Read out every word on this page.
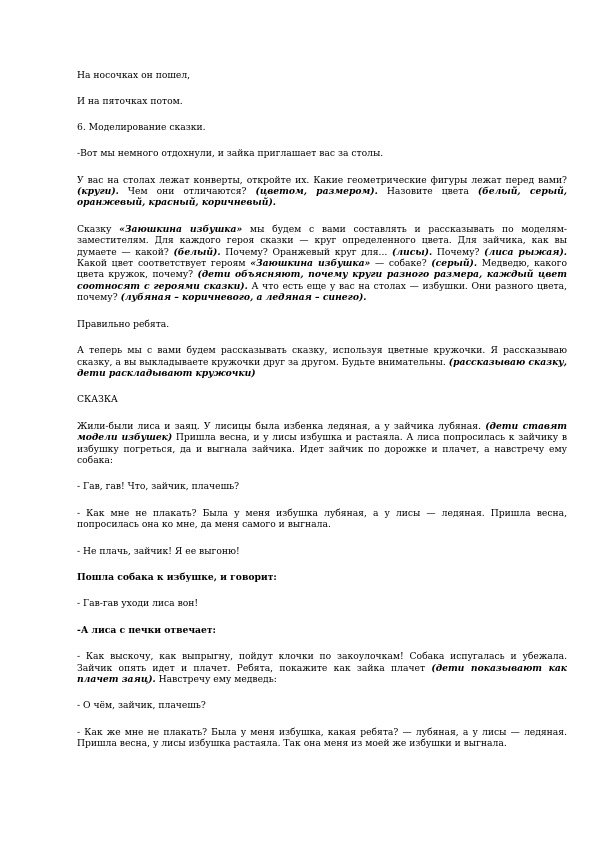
На носочках он пошел,

И на пяточках потом.

6. Моделирование сказки.

-Вот мы немного отдохнули, и зайка приглашает вас за столы.

У вас на столах лежат конверты, откройте их. Какие геометрические фигуры лежат перед вами? (круги). Чем они отличаются? (цветом, размером). Назовите цвета (белый, серый, оранжевый, красный, коричневый).

Сказку «Заюшкина избушка» мы будем с вами составлять и рассказывать по моделям-заместителям. Для каждого героя сказки — круг определенного цвета. Для зайчика, как вы думаете — какой? (белый). Почему? Оранжевый круг для... (лисы). Почему? (лиса рыжая). Какой цвет соответствует героям «Заюшкина избушка» — собаке? (серый). Медведю, какого цвета кружок, почему? (дети объясняют, почему круги разного размера, каждый цвет соотносят с героями сказки). А что есть еще у вас на столах — избушки. Они разного цвета, почему? (лубяная – коричневого, а ледяная – синего).

Правильно ребята.

А теперь мы с вами будем рассказывать сказку, используя цветные кружочки. Я рассказываю сказку, а вы выкладываете кружочки друг за другом. Будьте внимательны. (рассказываю сказку, дети раскладывают кружочки)

СКАЗКА

Жили-были лиса и заяц. У лисицы была избенка ледяная, а у зайчика лубяная. (дети ставят модели избушек) Пришла весна, и у лисы избушка и растаяла. А лиса попросилась к зайчику в избушку погреться, да и выгнала зайчика. Идет зайчик по дорожке и плачет, а навстречу ему собака:

- Гав, гав! Что, зайчик, плачешь?

- Как мне не плакать? Была у меня избушка лубяная, а у лисы — ледяная. Пришла весна, попросилась она ко мне, да меня самого и выгнала.

- Не плачь, зайчик! Я ее выгоню!

Пошла собака к избушке, и говорит:

- Гав-гав уходи лиса вон!

-А лиса с печки отвечает:

- Как выскочу, как выпрыгну, пойдут клочки по закоулочкам! Собака испугалась и убежала. Зайчик опять идет и плачет. Ребята, покажите как зайка плачет (дети показывают как плачет заяц). Навстречу ему медведь:

- О чём, зайчик, плачешь?

- Как же мне не плакать? Была у меня избушка, какая ребята? — лубяная, а у лисы — ледяная. Пришла весна, у лисы избушка растаяла. Так она меня из моей же избушки и выгнала.
